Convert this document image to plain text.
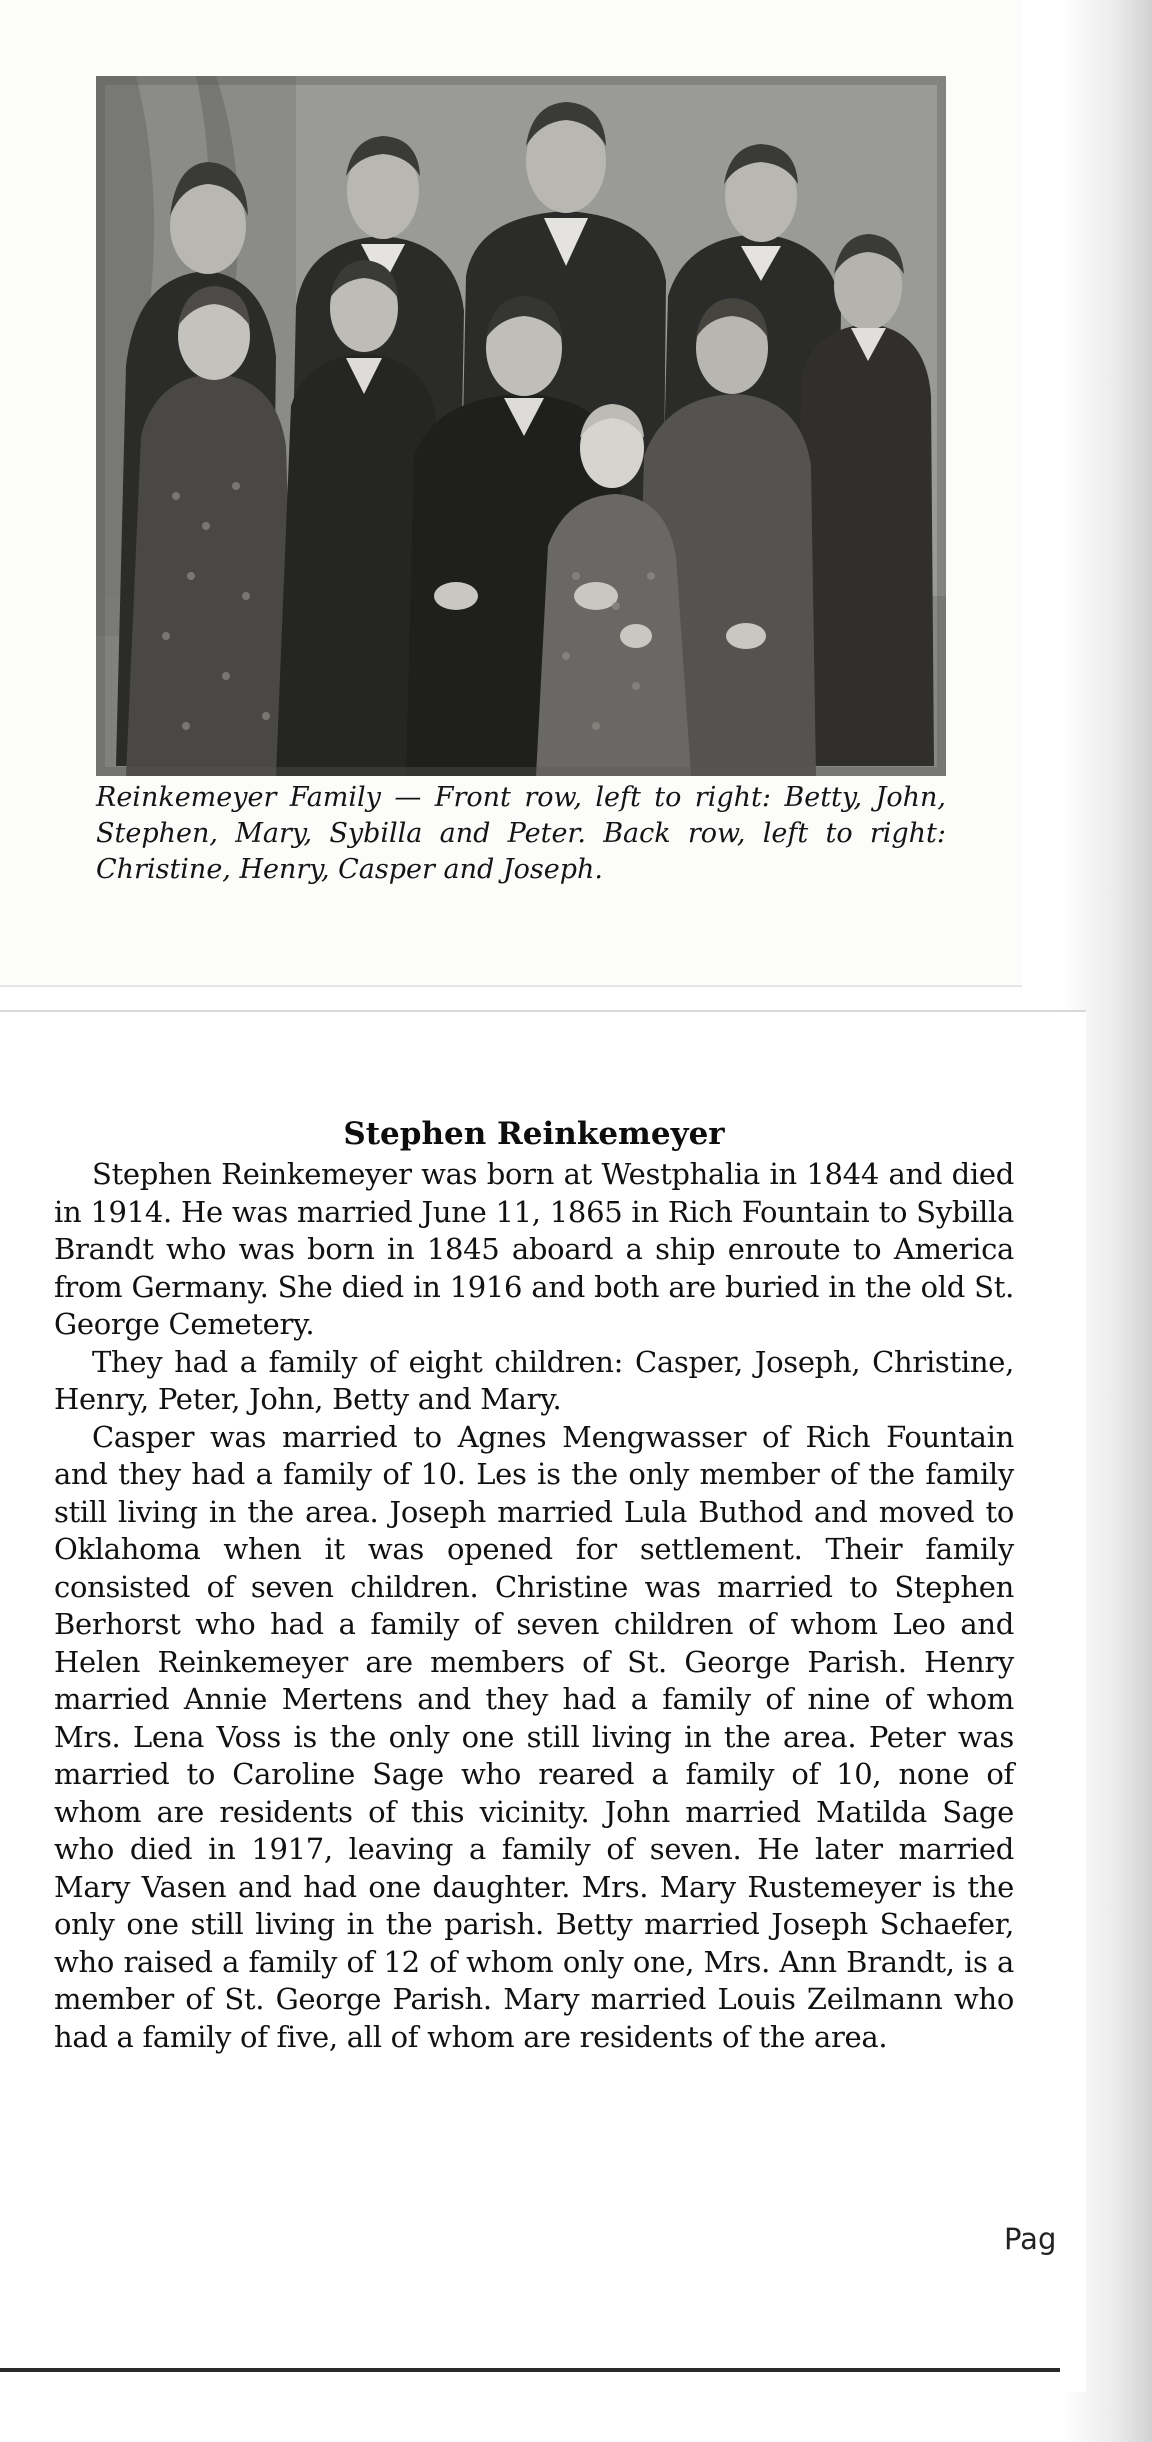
Reinkemeyer Family — Front row, left to right: Betty, John, Stephen, Mary, Sybilla and Peter. Back row, left to right: Christine, Henry, Casper and Joseph.

Stephen Reinkemeyer

Stephen Reinkemeyer was born at Westphalia in 1844 and died in 1914. He was married June 11, 1865 in Rich Fountain to Sybilla Brandt who was born in 1845 aboard a ship enroute to America from Germany. She died in 1916 and both are buried in the old St. George Cemetery.

They had a family of eight children: Casper, Joseph, Christine, Henry, Peter, John, Betty and Mary.

Casper was married to Agnes Mengwasser of Rich Fountain and they had a family of 10. Les is the only member of the family still living in the area. Joseph married Lula Buthod and moved to Oklahoma when it was opened for settlement. Their family consisted of seven children. Christine was married to Stephen Berhorst who had a family of seven children of whom Leo and Helen Reinkemeyer are members of St. George Parish. Henry married Annie Mertens and they had a family of nine of whom Mrs. Lena Voss is the only one still living in the area. Peter was married to Caroline Sage who reared a family of 10, none of whom are residents of this vicinity. John married Matilda Sage who died in 1917, leaving a family of seven. He later married Mary Vasen and had one daughter. Mrs. Mary Rustemeyer is the only one still living in the parish. Betty married Joseph Schaefer, who raised a family of 12 of whom only one, Mrs. Ann Brandt, is a member of St. George Parish. Mary married Louis Zeilmann who had a family of five, all of whom are residents of the area.

Pag
